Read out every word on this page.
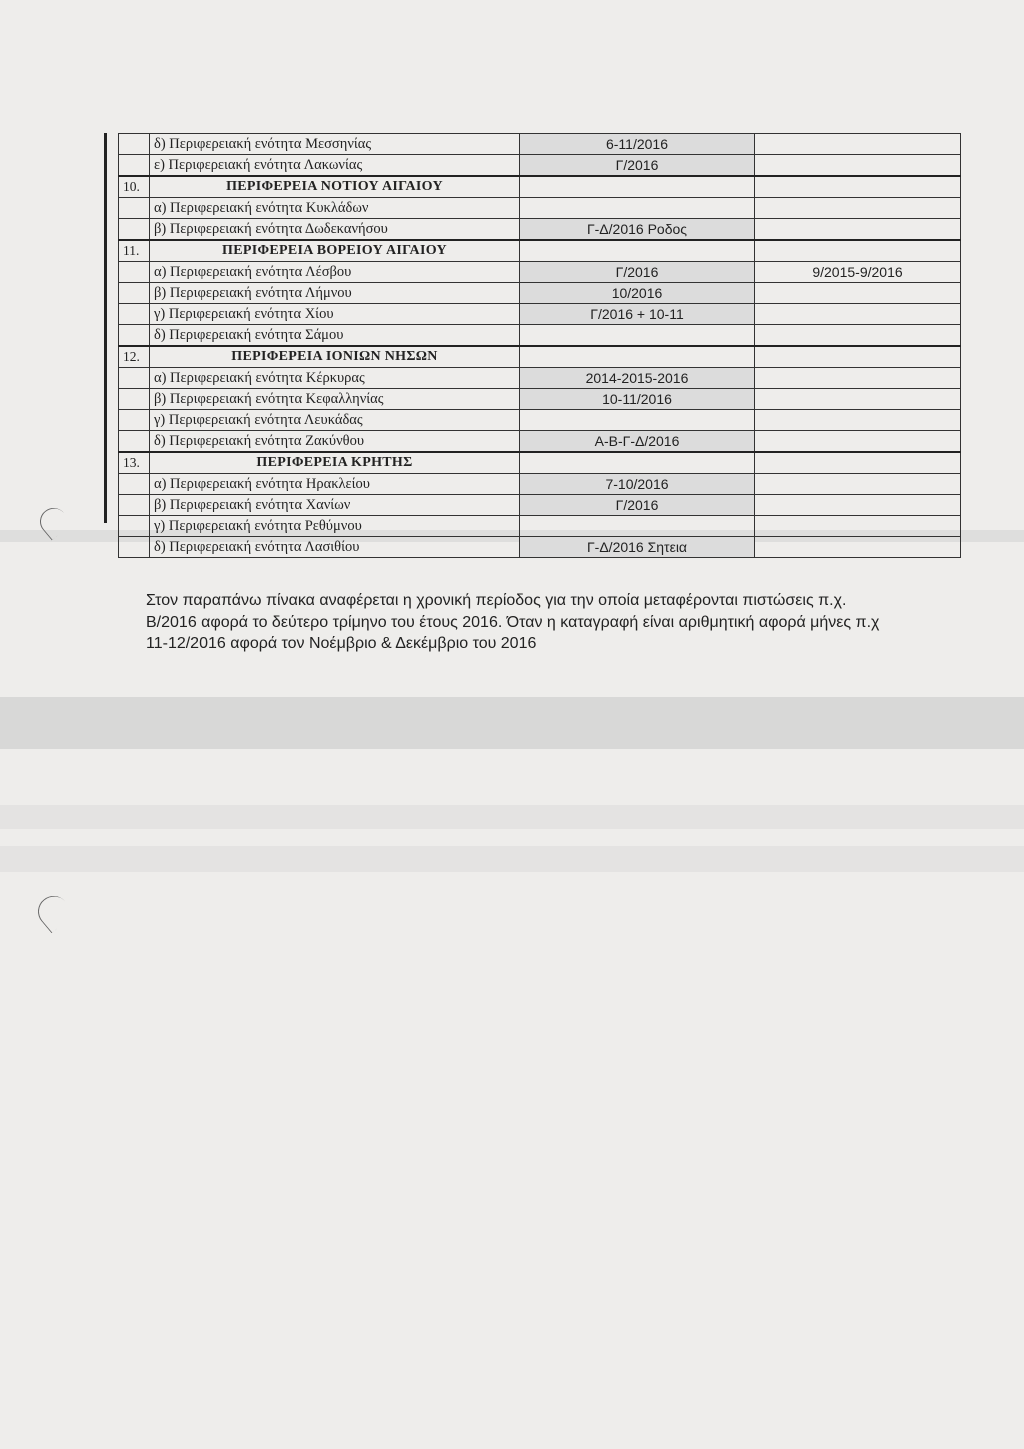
	δ) Περιφερειακή ενότητα Μεσσηνίας	6-11/2016	
	ε) Περιφερειακή ενότητα Λακωνίας	Γ/2016	
10.	ΠΕΡΙΦΕΡΕΙΑ ΝΟΤΙΟΥ ΑΙΓΑΙΟΥ		
	α) Περιφερειακή ενότητα Κυκλάδων		
	β) Περιφερειακή ενότητα Δωδεκανήσου	Γ-Δ/2016 Ροδος	
11.	ΠΕΡΙΦΕΡΕΙΑ ΒΟΡΕΙΟΥ ΑΙΓΑΙΟΥ		
	α) Περιφερειακή ενότητα Λέσβου	Γ/2016	9/2015-9/2016
	β) Περιφερειακή ενότητα Λήμνου	10/2016	
	γ) Περιφερειακή ενότητα Χίου	Γ/2016 + 10-11	
	δ) Περιφερειακή ενότητα Σάμου		
12.	ΠΕΡΙΦΕΡΕΙΑ ΙΟΝΙΩΝ ΝΗΣΩΝ		
	α) Περιφερειακή ενότητα Κέρκυρας	2014-2015-2016	
	β) Περιφερειακή ενότητα Κεφαλληνίας	10-11/2016	
	γ) Περιφερειακή ενότητα Λευκάδας		
	δ) Περιφερειακή ενότητα Ζακύνθου	Α-Β-Γ-Δ/2016	
13.	ΠΕΡΙΦΕΡΕΙΑ ΚΡΗΤΗΣ		
	α) Περιφερειακή ενότητα Ηρακλείου	7-10/2016	
	β) Περιφερειακή ενότητα Χανίων	Γ/2016	
	γ) Περιφερειακή ενότητα Ρεθύμνου		
	δ) Περιφερειακή ενότητα Λασιθίου	Γ-Δ/2016 Σητεια	

Στον παραπάνω πίνακα αναφέρεται η χρονική περίοδος για την οποία μεταφέρονται πιστώσεις π.χ.

Β/2016 αφορά το δεύτερο τρίμηνο του έτους 2016. Όταν η καταγραφή είναι αριθμητική αφορά μήνες π.χ

11-12/2016 αφορά τον Νοέμβριο & Δεκέμβριο του 2016
